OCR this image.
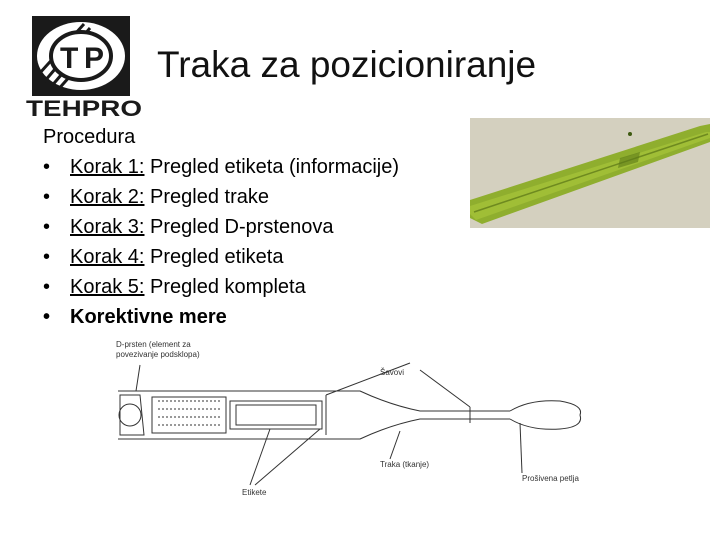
T P
TEHPRO
Traka za pozicioniranje
Procedura
• Korak 1: Pregled etiketa (informacije)
• Korak 2: Pregled trake
• Korak 3: Pregled D-prstenova
• Korak 4: Pregled etiketa
• Korak 5: Pregled kompleta
• Korektivne mere
D-prsten (element za
povezivanje podsklopa)
Šavovi
Traka (tkanje)
Prošivena petlja
Etikete
